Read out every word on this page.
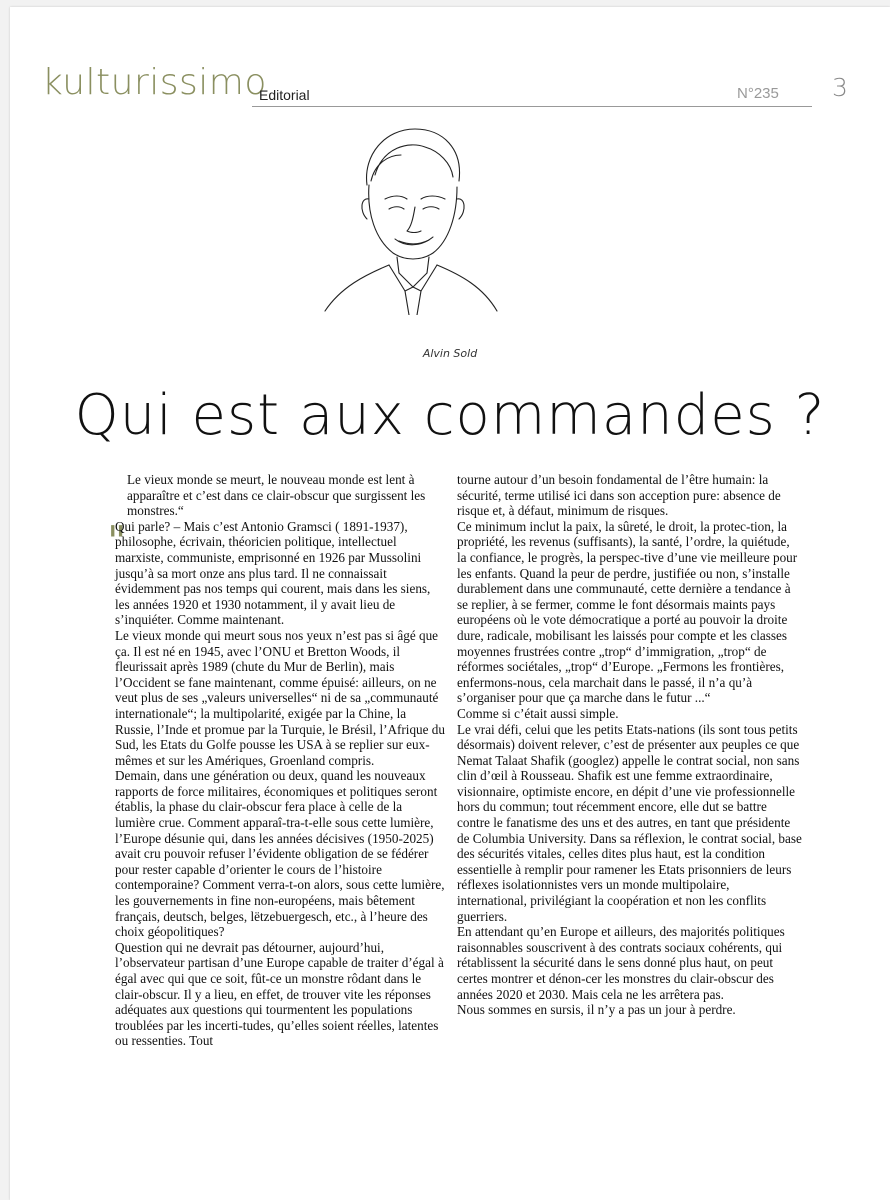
kulturissimo
Editorial	N°235 3
Alvin Sold
Qui est aux commandes ?
"

Le vieux monde se meurt, le nouveau monde est lent à apparaître et c’est dans ce clair-obscur que surgissent les monstres.“

Qui parle? – Mais c’est Antonio Gramsci ( 1891-1937), philosophe, écrivain, théoricien politique, intellectuel marxiste, communiste, emprisonné en 1926 par Mussolini jusqu’à sa mort onze ans plus tard. Il ne connaissait évidemment pas nos temps qui courent, mais dans les siens, les années 1920 et 1930 notamment, il y avait lieu de s’inquiéter. Comme maintenant.

Le vieux monde qui meurt sous nos yeux n’est pas si âgé que ça. Il est né en 1945, avec l’ONU et Bretton Woods, il fleurissait après 1989 (chute du Mur de Berlin), mais l’Occident se fane maintenant, comme épuisé: ailleurs, on ne veut plus de ses „valeurs universelles“ ni de sa „communauté internationale“; la multipolarité, exigée par la Chine, la Russie, l’Inde et promue par la Turquie, le Brésil, l’Afrique du Sud, les Etats du Golfe pousse les USA à se replier sur eux-mêmes et sur les Amériques, Groenland compris.

Demain, dans une génération ou deux, quand les nouveaux rapports de force militaires, économiques et politiques seront établis, la phase du clair-obscur fera place à celle de la lumière crue. Comment apparaî-tra-t-elle sous cette lumière, l’Europe désunie qui, dans les années décisives (1950-2025) avait cru pouvoir refuser l’évidente obligation de se fédérer pour rester capable d’orienter le cours de l’histoire contemporaine? Comment verra-t-on alors, sous cette lumière, les gouvernements in fine non-européens, mais bêtement français, deutsch, belges, lëtzebuergesch, etc., à l’heure des choix géopolitiques?

Question qui ne devrait pas détourner, aujourd’hui, l’observateur partisan d’une Europe capable de traiter d’égal à égal avec qui que ce soit, fût-ce un monstre rôdant dans le clair-obscur. Il y a lieu, en effet, de trouver vite les réponses adéquates aux questions qui tourmentent les populations troublées par les incerti-tudes, qu’elles soient réelles, latentes ou ressenties. Tout

tourne autour d’un besoin fondamental de l’être humain: la sécurité, terme utilisé ici dans son acception pure: absence de risque et, à défaut, minimum de risques.

Ce minimum inclut la paix, la sûreté, le droit, la protec-tion, la propriété, les revenus (suffisants), la santé, l’ordre, la quiétude, la confiance, le progrès, la perspec-tive d’une vie meilleure pour les enfants. Quand la peur de perdre, justifiée ou non, s’installe durablement dans une communauté, cette dernière a tendance à se replier, à se fermer, comme le font désormais maints pays européens où le vote démocratique a porté au pouvoir la droite dure, radicale, mobilisant les laissés pour compte et les classes moyennes frustrées contre „trop“ d’immigration, „trop“ de réformes sociétales, „trop“ d’Europe. „Fermons les frontières, enfermons-nous, cela marchait dans le passé, il n’a qu’à s’organiser pour que ça marche dans le futur ...“

Comme si c’était aussi simple.

Le vrai défi, celui que les petits Etats-nations (ils sont tous petits désormais) doivent relever, c’est de présenter aux peuples ce que Nemat Talaat Shafik (googlez) appelle le contrat social, non sans clin d’œil à Rousseau. Shafik est une femme extraordinaire, visionnaire, optimiste encore, en dépit d’une vie professionnelle hors du commun; tout récemment encore, elle dut se battre contre le fanatisme des uns et des autres, en tant que présidente de Columbia University. Dans sa réflexion, le contrat social, base des sécurités vitales, celles dites plus haut, est la condition essentielle à remplir pour ramener les Etats prisonniers de leurs réflexes isolationnistes vers un monde multipolaire, international, privilégiant la coopération et non les conflits guerriers.

En attendant qu’en Europe et ailleurs, des majorités politiques raisonnables souscrivent à des contrats sociaux cohérents, qui rétablissent la sécurité dans le sens donné plus haut, on peut certes montrer et dénon-cer les monstres du clair-obscur des années 2020 et 2030. Mais cela ne les arrêtera pas.

Nous sommes en sursis, il n’y a pas un jour à perdre.
